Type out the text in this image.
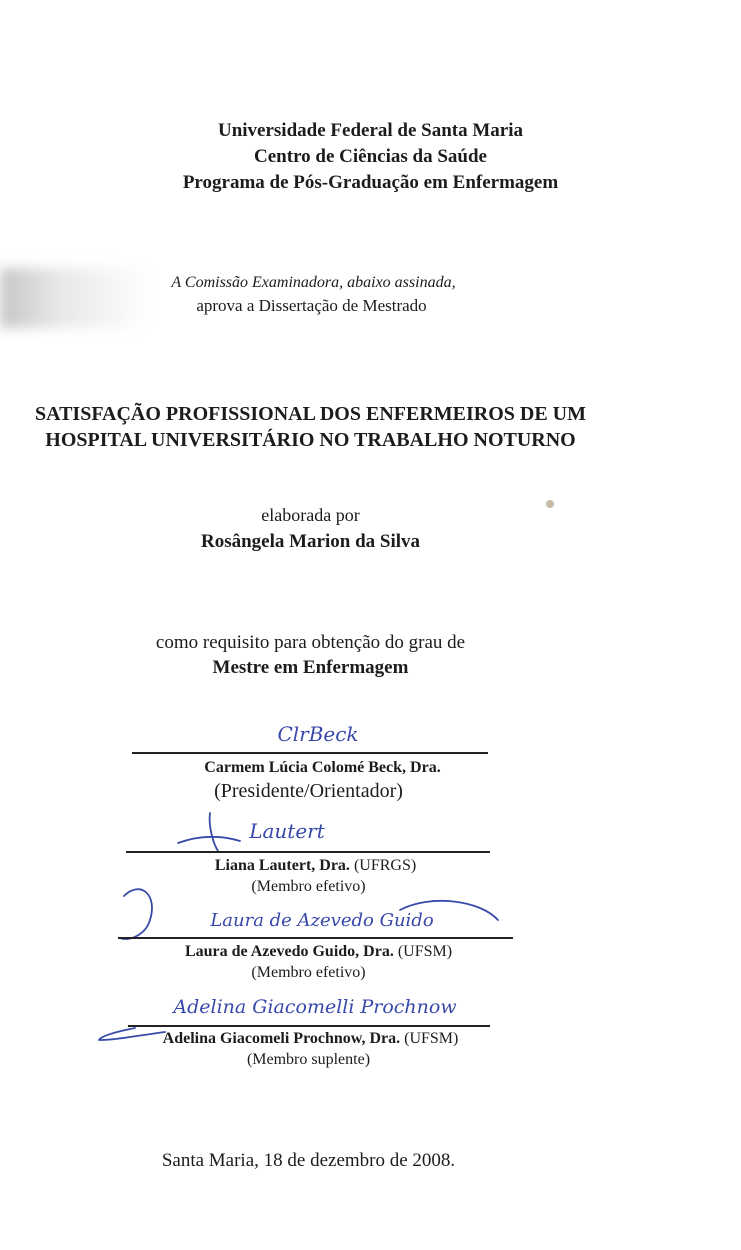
Universidade Federal de Santa Maria
Centro de Ciências da Saúde
Programa de Pós-Graduação em Enfermagem
A Comissão Examinadora, abaixo assinada,
aprova a Dissertação de Mestrado
SATISFAÇÃO PROFISSIONAL DOS ENFERMEIROS DE UM
HOSPITAL UNIVERSITÁRIO NO TRABALHO NOTURNO
elaborada por
Rosângela Marion da Silva
como requisito para obtenção do grau de
Mestre em Enfermagem
ClrBeck
Carmem Lúcia Colomé Beck, Dra.
(Presidente/Orientador)
Lautert
Liana Lautert, Dra. (UFRGS)
(Membro efetivo)
Laura de Azevedo Guido
Laura de Azevedo Guido, Dra. (UFSM)
(Membro efetivo)
Adelina Giacomelli Prochnow
Adelina Giacomeli Prochnow, Dra. (UFSM)
(Membro suplente)
Santa Maria, 18 de dezembro de 2008.
